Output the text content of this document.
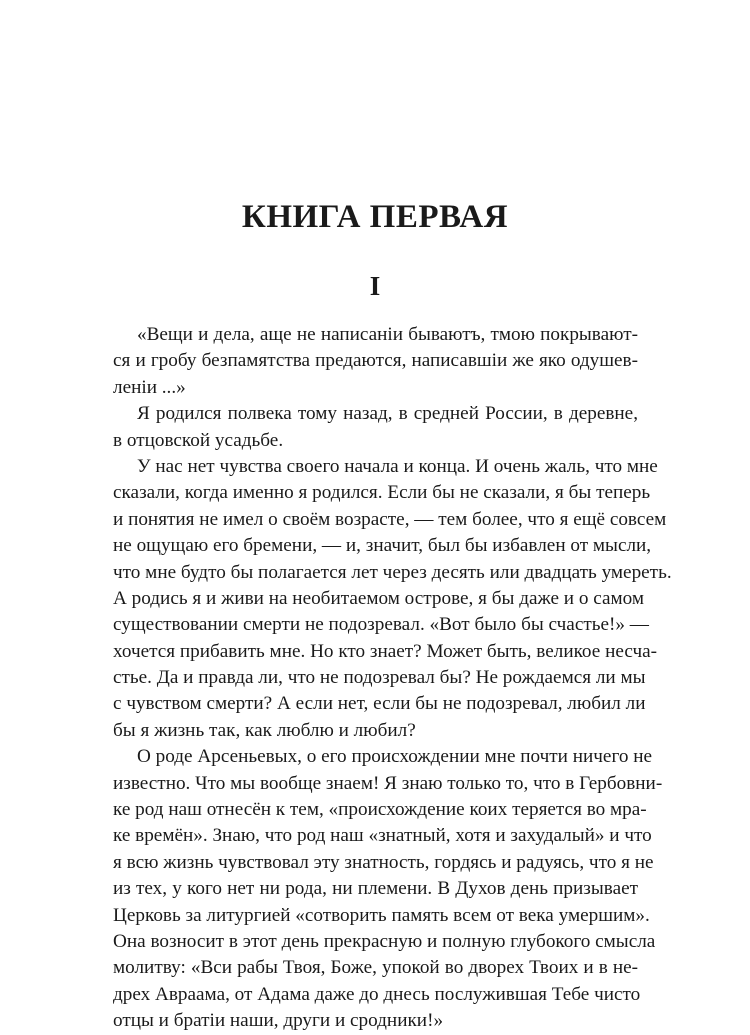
КНИГА ПЕРВАЯ
I
«Вещи и дела, аще не написанiи бываютъ, тмою покрывают-
ся и гробу безпамятства предаются, написавшiи же яко одушев-
ленiи ...»
Я родился полвека тому назад, в средней России, в деревне,
в отцовской усадьбе.
У нас нет чувства своего начала и конца. И очень жаль, что мне
сказали, когда именно я родился. Если бы не сказали, я бы теперь
и понятия не имел о своём возрасте, — тем более, что я ещё совсем
не ощущаю его бремени, — и, значит, был бы избавлен от мысли,
что мне будто бы полагается лет через десять или двадцать умереть.
А родись я и живи на необитаемом острове, я бы даже и о самом
существовании смерти не подозревал. «Вот было бы счастье!» —
хочется прибавить мне. Но кто знает? Может быть, великое несча-
стье. Да и правда ли, что не подозревал бы? Не рождаемся ли мы
с чувством смерти? А если нет, если бы не подозревал, любил ли
бы я жизнь так, как люблю и любил?
О роде Арсеньевых, о его происхождении мне почти ничего не
известно. Что мы вообще знаем! Я знаю только то, что в Гербовни-
ке род наш отнесён к тем, «происхождение коих теряется во мра-
ке времён». Знаю, что род наш «знатный, хотя и захудалый» и что
я всю жизнь чувствовал эту знатность, гордясь и радуясь, что я не
из тех, у кого нет ни рода, ни племени. В Духов день призывает
Церковь за литургией «сотворить память всем от века умершим».
Она возносит в этот день прекрасную и полную глубокого смысла
молитву: «Вси рабы Твоя, Боже, упокой во дворех Твоих и в не-
дрех Авраама, от Адама даже до днесь послужившая Тебе чисто
отцы и братiи наши, други и сродники!»
